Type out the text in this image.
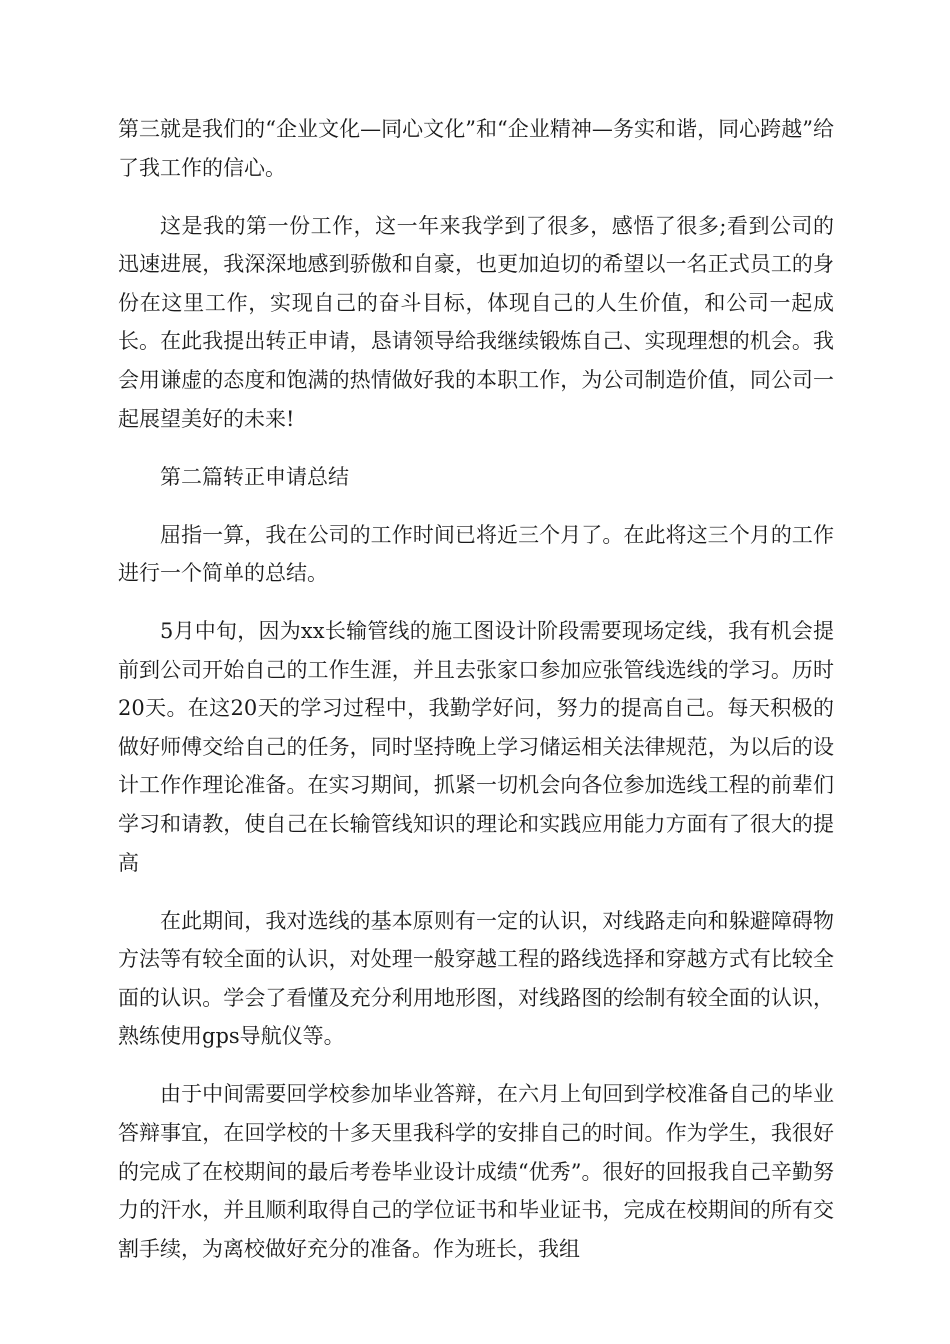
第三就是我们的“企业文化—同心文化”和“企业精神—务实和谐，同心跨越”给了我工作的信心。

这是我的第一份工作，这一年来我学到了很多，感悟了很多;看到公司的迅速进展，我深深地感到骄傲和自豪，也更加迫切的希望以一名正式员工的身份在这里工作，实现自己的奋斗目标，体现自己的人生价值，和公司一起成长。在此我提出转正申请，恳请领导给我继续锻炼自己、实现理想的机会。我会用谦虚的态度和饱满的热情做好我的本职工作，为公司制造价值，同公司一起展望美好的未来!

第二篇转正申请总结

屈指一算，我在公司的工作时间已将近三个月了。在此将这三个月的工作进行一个简单的总结。

5月中旬，因为xx长输管线的施工图设计阶段需要现场定线，我有机会提前到公司开始自己的工作生涯，并且去张家口参加应张管线选线的学习。历时20天。在这20天的学习过程中，我勤学好问，努力的提高自己。每天积极的做好师傅交给自己的任务，同时坚持晚上学习储运相关法律规范，为以后的设计工作作理论准备。在实习期间，抓紧一切机会向各位参加选线工程的前辈们学习和请教，使自己在长输管线知识的理论和实践应用能力方面有了很大的提高

在此期间，我对选线的基本原则有一定的认识，对线路走向和躲避障碍物方法等有较全面的认识，对处理一般穿越工程的路线选择和穿越方式有比较全面的认识。学会了看懂及充分利用地形图，对线路图的绘制有较全面的认识，熟练使用gps导航仪等。

由于中间需要回学校参加毕业答辩，在六月上旬回到学校准备自己的毕业答辩事宜，在回学校的十多天里我科学的安排自己的时间。作为学生，我很好的完成了在校期间的最后考卷毕业设计成绩“优秀”。很好的回报我自己辛勤努力的汗水，并且顺利取得自己的学位证书和毕业证书，完成在校期间的所有交割手续，为离校做好充分的准备。作为班长，我组
